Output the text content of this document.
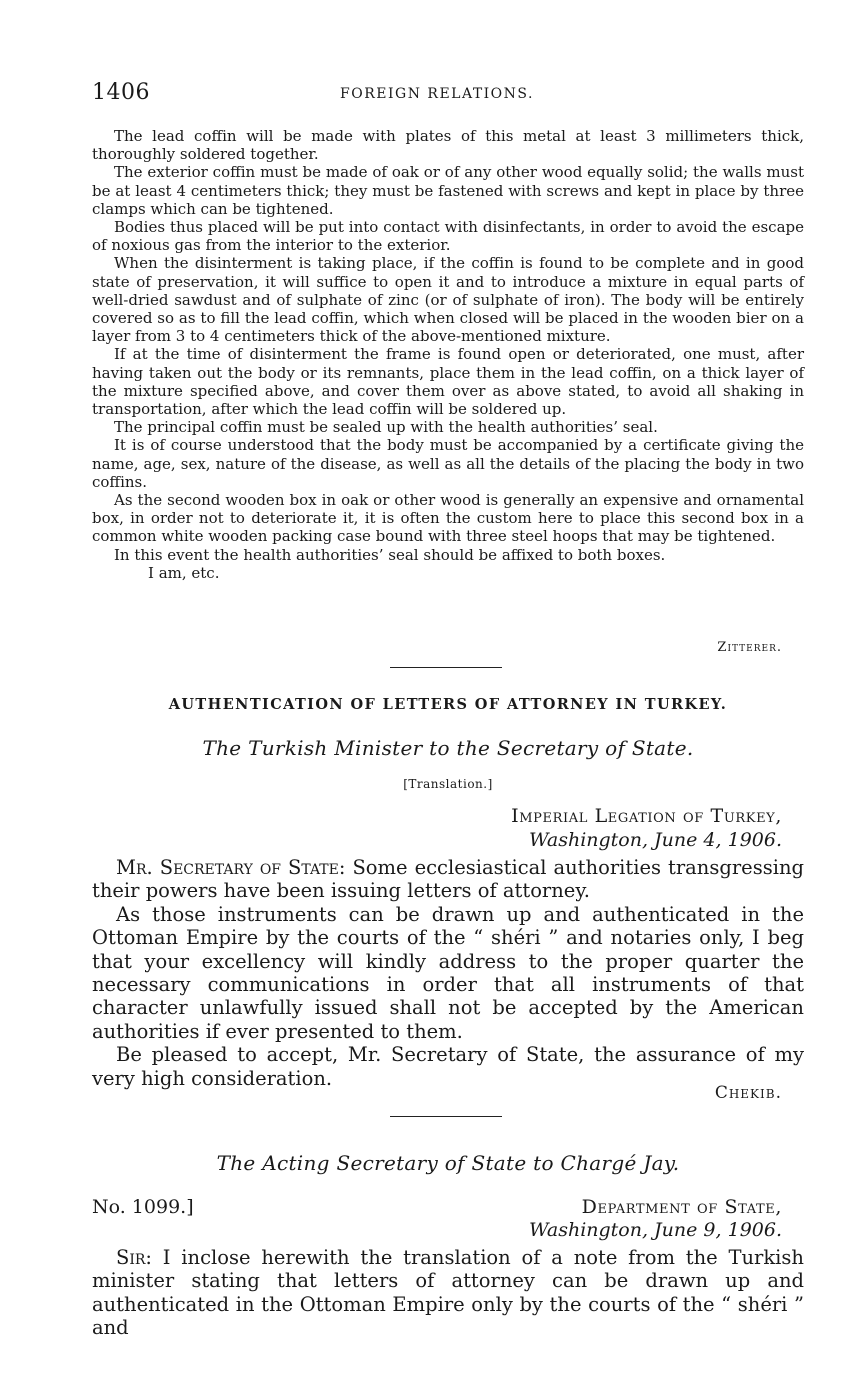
1406	FOREIGN RELATIONS.

The lead coffin will be made with plates of this metal at least 3 millimeters thick, thoroughly soldered together.

The exterior coffin must be made of oak or of any other wood equally solid; the walls must be at least 4 centimeters thick; they must be fastened with screws and kept in place by three clamps which can be tightened.

Bodies thus placed will be put into contact with disinfectants, in order to avoid the escape of noxious gas from the interior to the exterior.

When the disinterment is taking place, if the coffin is found to be complete and in good state of preservation, it will suffice to open it and to introduce a mixture in equal parts of well-dried sawdust and of sulphate of zinc (or of sulphate of iron). The body will be entirely covered so as to fill the lead coffin, which when closed will be placed in the wooden bier on a layer from 3 to 4 centimeters thick of the above-mentioned mixture.

If at the time of disinterment the frame is found open or deteriorated, one must, after having taken out the body or its remnants, place them in the lead coffin, on a thick layer of the mixture specified above, and cover them over as above stated, to avoid all shaking in transportation, after which the lead coffin will be soldered up.

The principal coffin must be sealed up with the health authorities’ seal.

It is of course understood that the body must be accompanied by a certificate giving the name, age, sex, nature of the disease, as well as all the details of the placing the body in two coffins.

As the second wooden box in oak or other wood is generally an expensive and ornamental box, in order not to deteriorate it, it is often the custom here to place this second box in a common white wooden packing case bound with three steel hoops that may be tightened.

In this event the health authorities’ seal should be affixed to both boxes.

I am, etc.

Zitterer.
AUTHENTICATION OF LETTERS OF ATTORNEY IN TURKEY.
The Turkish Minister to the Secretary of State.
[Translation.]
Imperial Legation of Turkey,
Washington, June 4, 1906.

Mr. Secretary of State: Some ecclesiastical authorities transgressing their powers have been issuing letters of attorney.

As those instruments can be drawn up and authenticated in the Ottoman Empire by the courts of the “ shéri ” and notaries only, I beg that your excellency will kindly address to the proper quarter the necessary communications in order that all instruments of that character unlawfully issued shall not be accepted by the American authorities if ever presented to them.

Be pleased to accept, Mr. Secretary of State, the assurance of my very high consideration.

Chekib.
The Acting Secretary of State to Chargé Jay.
No. 1099.]	Department of State,
Washington, June 9, 1906.

Sir: I inclose herewith the translation of a note from the Turkish minister stating that letters of attorney can be drawn up and authenticated in the Ottoman Empire only by the courts of the “ shéri ” and
